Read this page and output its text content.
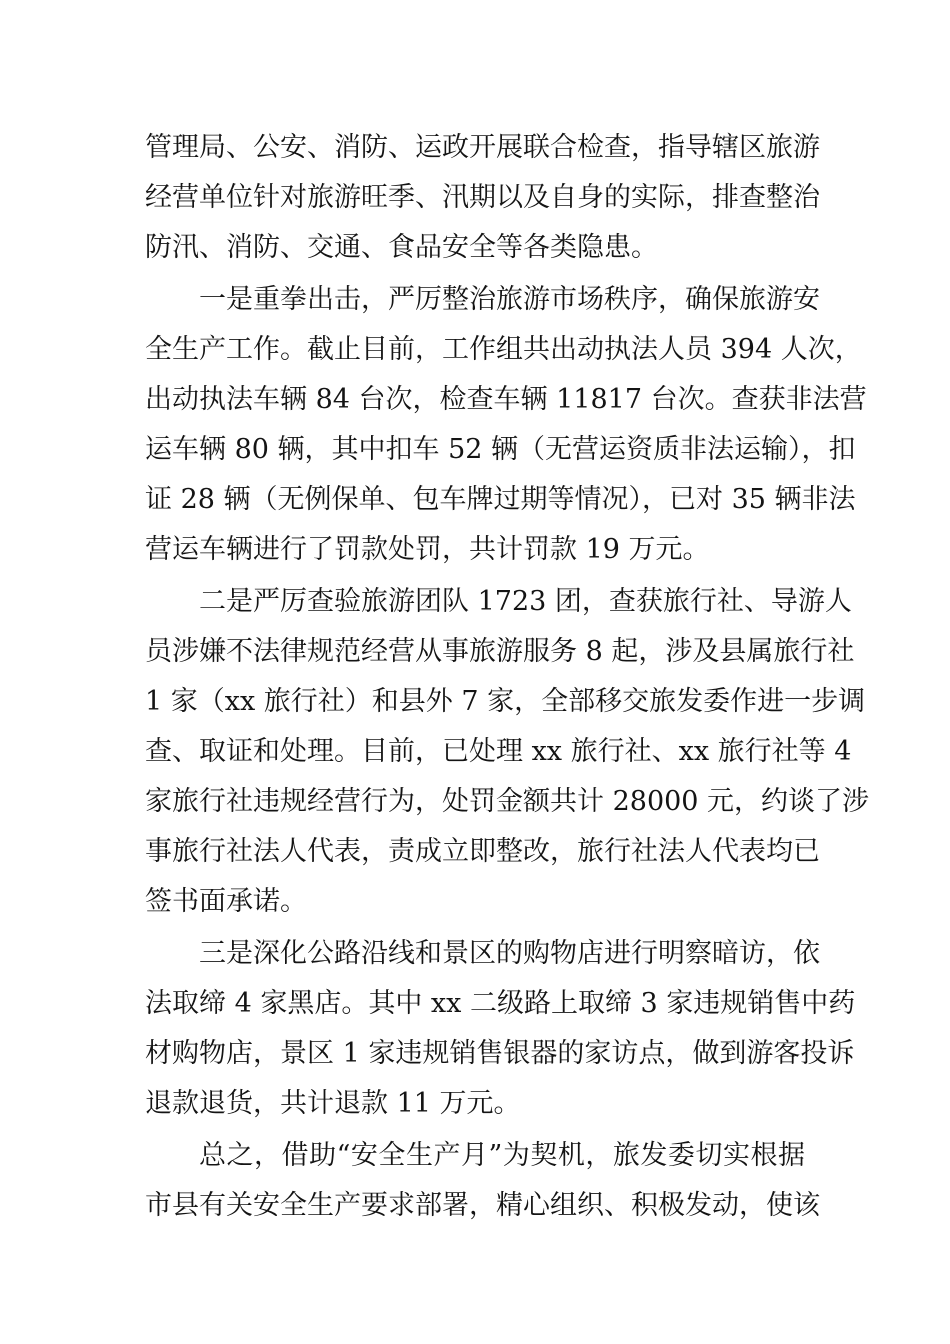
管理局、公安、消防、运政开展联合检查，指导辖区旅游
经营单位针对旅游旺季、汛期以及自身的实际，排查整治
防汛、消防、交通、食品安全等各类隐患。
一是重拳出击，严厉整治旅游市场秩序，确保旅游安
全生产工作。截止目前，工作组共出动执法人员 394 人次，
出动执法车辆 84 台次，检查车辆 11817 台次。查获非法营
运车辆 80 辆，其中扣车 52 辆（无营运资质非法运输），扣
证 28 辆（无例保单、包车牌过期等情况），已对 35 辆非法
营运车辆进行了罚款处罚，共计罚款 19 万元。
二是严厉查验旅游团队 1723 团，查获旅行社、导游人
员涉嫌不法律规范经营从事旅游服务 8 起，涉及县属旅行社
1 家（xx 旅行社）和县外 7 家，全部移交旅发委作进一步调
查、取证和处理。目前，已处理 xx 旅行社、xx 旅行社等 4
家旅行社违规经营行为，处罚金额共计 28000 元，约谈了涉
事旅行社法人代表，责成立即整改，旅行社法人代表均已
签书面承诺。
三是深化公路沿线和景区的购物店进行明察暗访，依
法取缔 4 家黑店。其中 xx 二级路上取缔 3 家违规销售中药
材购物店，景区 1 家违规销售银器的家访点，做到游客投诉
退款退货，共计退款 11 万元。
总之，借助“安全生产月”为契机，旅发委切实根据
市县有关安全生产要求部署，精心组织、积极发动，使该
